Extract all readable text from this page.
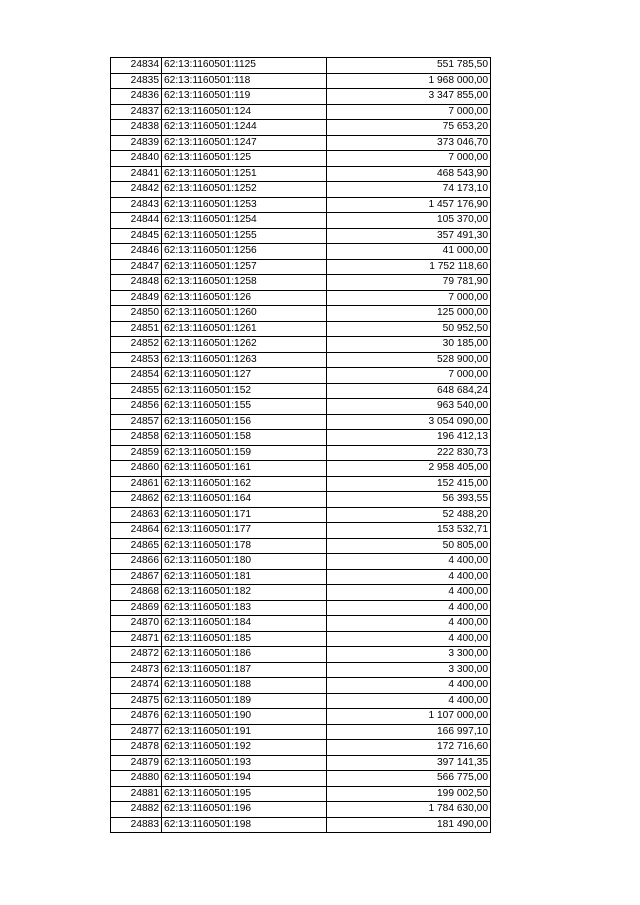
24834	62:13:1160501:1125	551 785,50
24835	62:13:1160501:118	1 968 000,00
24836	62:13:1160501:119	3 347 855,00
24837	62:13:1160501:124	7 000,00
24838	62:13:1160501:1244	75 653,20
24839	62:13:1160501:1247	373 046,70
24840	62:13:1160501:125	7 000,00
24841	62:13:1160501:1251	468 543,90
24842	62:13:1160501:1252	74 173,10
24843	62:13:1160501:1253	1 457 176,90
24844	62:13:1160501:1254	105 370,00
24845	62:13:1160501:1255	357 491,30
24846	62:13:1160501:1256	41 000,00
24847	62:13:1160501:1257	1 752 118,60
24848	62:13:1160501:1258	79 781,90
24849	62:13:1160501:126	7 000,00
24850	62:13:1160501:1260	125 000,00
24851	62:13:1160501:1261	50 952,50
24852	62:13:1160501:1262	30 185,00
24853	62:13:1160501:1263	528 900,00
24854	62:13:1160501:127	7 000,00
24855	62:13:1160501:152	648 684,24
24856	62:13:1160501:155	963 540,00
24857	62:13:1160501:156	3 054 090,00
24858	62:13:1160501:158	196 412,13
24859	62:13:1160501:159	222 830,73
24860	62:13:1160501:161	2 958 405,00
24861	62:13:1160501:162	152 415,00
24862	62:13:1160501:164	56 393,55
24863	62:13:1160501:171	52 488,20
24864	62:13:1160501:177	153 532,71
24865	62:13:1160501:178	50 805,00
24866	62:13:1160501:180	4 400,00
24867	62:13:1160501:181	4 400,00
24868	62:13:1160501:182	4 400,00
24869	62:13:1160501:183	4 400,00
24870	62:13:1160501:184	4 400,00
24871	62:13:1160501:185	4 400,00
24872	62:13:1160501:186	3 300,00
24873	62:13:1160501:187	3 300,00
24874	62:13:1160501:188	4 400,00
24875	62:13:1160501:189	4 400,00
24876	62:13:1160501:190	1 107 000,00
24877	62:13:1160501:191	166 997,10
24878	62:13:1160501:192	172 716,60
24879	62:13:1160501:193	397 141,35
24880	62:13:1160501:194	566 775,00
24881	62:13:1160501:195	199 002,50
24882	62:13:1160501:196	1 784 630,00
24883	62:13:1160501:198	181 490,00
